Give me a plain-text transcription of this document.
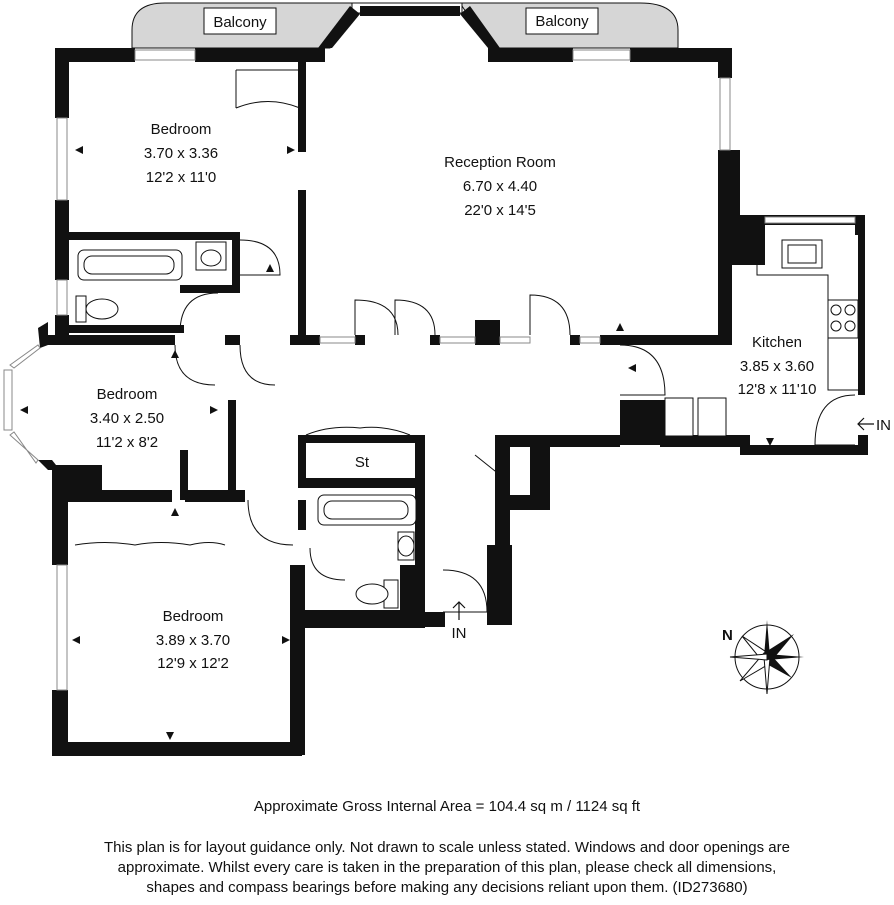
Balcony	Balcony
Bedroom
3.70 x 3.36
12'2 x 11'0
Reception Room
6.70 x 4.40
22'0 x 14'5
Kitchen
3.85 x 3.60
12'8 x 11'10
Bedroom
3.40 x 2.50
11'2 x 8'2
St
Bedroom
3.89 x 3.70
12'9 x 12'2
IN
IN	N
Approximate Gross Internal Area = 104.4 sq m / 1124 sq ft
This plan is for layout guidance only. Not drawn to scale unless stated. Windows and door openings are
approximate. Whilst every care is taken in the preparation of this plan, please check all dimensions,
shapes and compass bearings before making any decisions reliant upon them. (ID273680)
